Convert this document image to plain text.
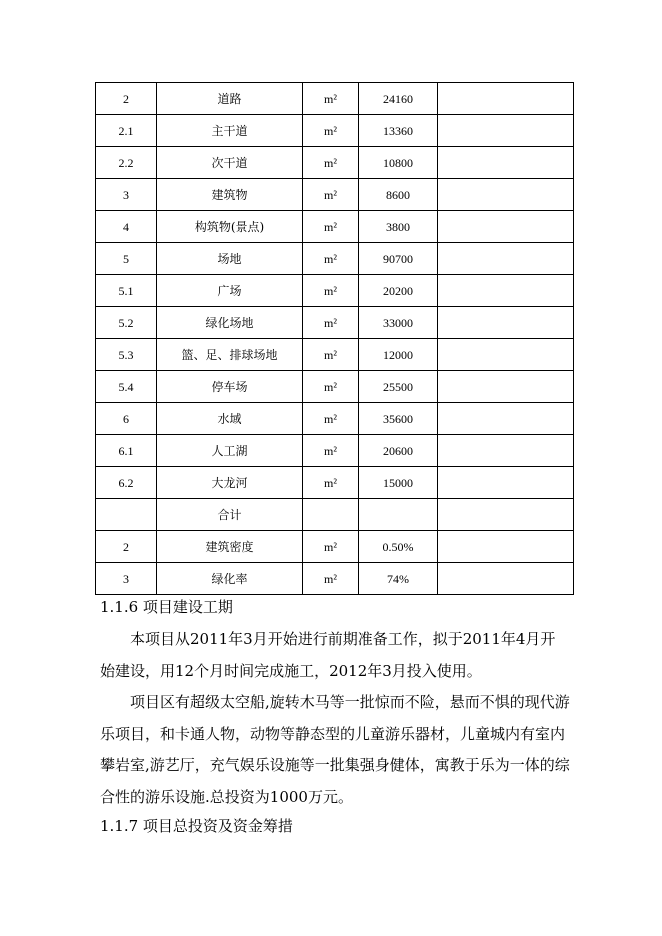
2	道路	m²	24160	
2.1	主干道	m²	13360	
2.2	次干道	m²	10800	
3	建筑物	m²	8600	
4	构筑物(景点)	m²	3800	
5	场地	m²	90700	
5.1	广场	m²	20200	
5.2	绿化场地	m²	33000	
5.3	篮、足、排球场地	m²	12000	
5.4	停车场	m²	25500	
6	水域	m²	35600	
6.1	人工湖	m²	20600	
6.2	大龙河	m²	15000	
	合计			
2	建筑密度	m²	0.50%	
3	绿化率	m²	74%	
1.1.6 项目建设工期

本项目从2011年3月开始进行前期准备工作，拟于2011年4月开始建设，用12个月时间完成施工，2012年3月投入使用。

项目区有超级太空船,旋转木马等一批惊而不险，悬而不惧的现代游乐项目，和卡通人物，动物等静态型的儿童游乐器材，儿童城内有室内攀岩室,游艺厅，充气娱乐设施等一批集强身健体，寓教于乐为一体的综合性的游乐设施.总投资为1000万元。

1.1.7 项目总投资及资金筹措
